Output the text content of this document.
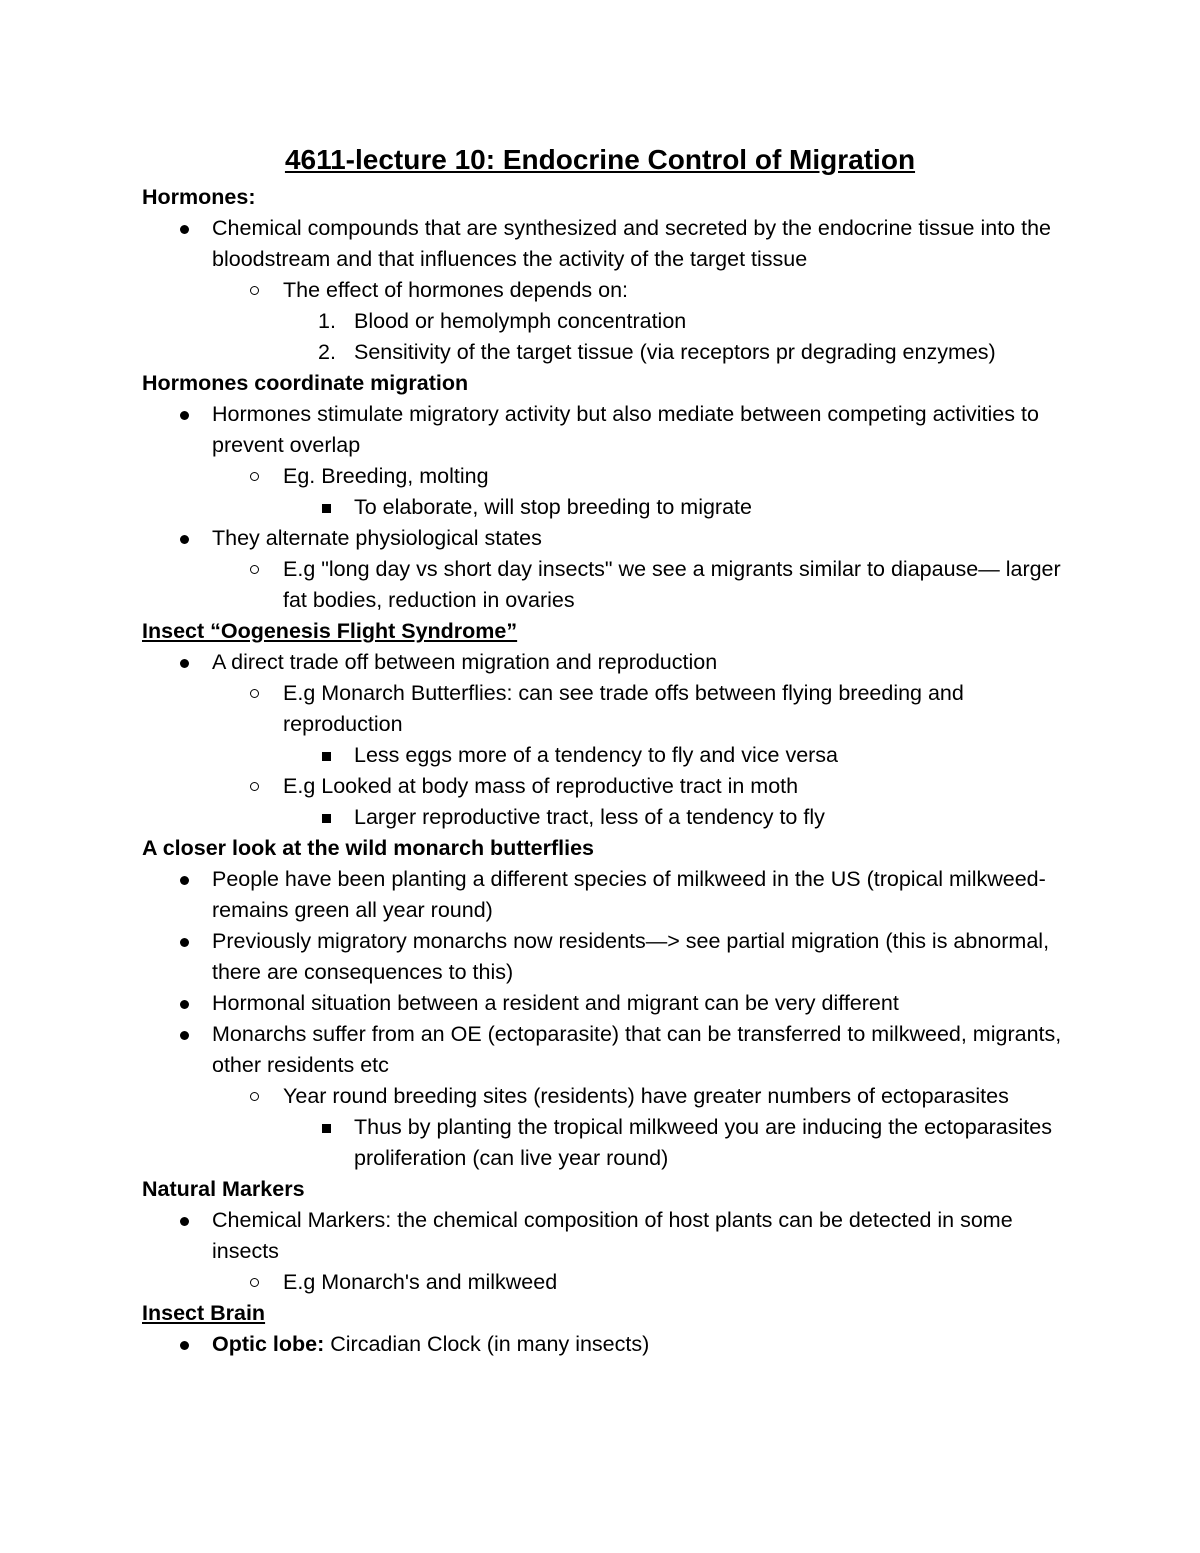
4611-lecture 10: Endocrine Control of Migration
Hormones:
Chemical compounds that are synthesized and secreted by the endocrine tissue into the bloodstream and that influences the activity of the target tissue
The effect of hormones depends on:
1. Blood or hemolymph concentration
2. Sensitivity of the target tissue (via receptors pr degrading enzymes)
Hormones coordinate migration
Hormones stimulate migratory activity but also mediate between competing activities to prevent overlap
Eg. Breeding, molting
To elaborate, will stop breeding to migrate
They alternate physiological states
E.g "long day vs short day insects" we see a migrants similar to diapause— larger fat bodies, reduction in ovaries
Insect “Oogenesis Flight Syndrome”
A direct trade off between migration and reproduction
E.g Monarch Butterflies: can see trade offs between flying breeding and reproduction
Less eggs more of a tendency to fly and vice versa
E.g Looked at body mass of reproductive tract in moth
Larger reproductive tract, less of a tendency to fly
A closer look at the wild monarch butterflies
People have been planting a different species of milkweed in the US (tropical milkweed-remains green all year round)
Previously migratory monarchs now residents—> see partial migration (this is abnormal, there are consequences to this)
Hormonal situation between a resident and migrant can be very different
Monarchs suffer from an OE (ectoparasite) that can be transferred to milkweed, migrants, other residents etc
Year round breeding sites (residents) have greater numbers of ectoparasites
Thus by planting the tropical milkweed you are inducing the ectoparasites proliferation (can live year round)
Natural Markers
Chemical Markers: the chemical composition of host plants can be detected in some insects
E.g Monarch's and milkweed
Insect Brain
Optic lobe: Circadian Clock (in many insects)
